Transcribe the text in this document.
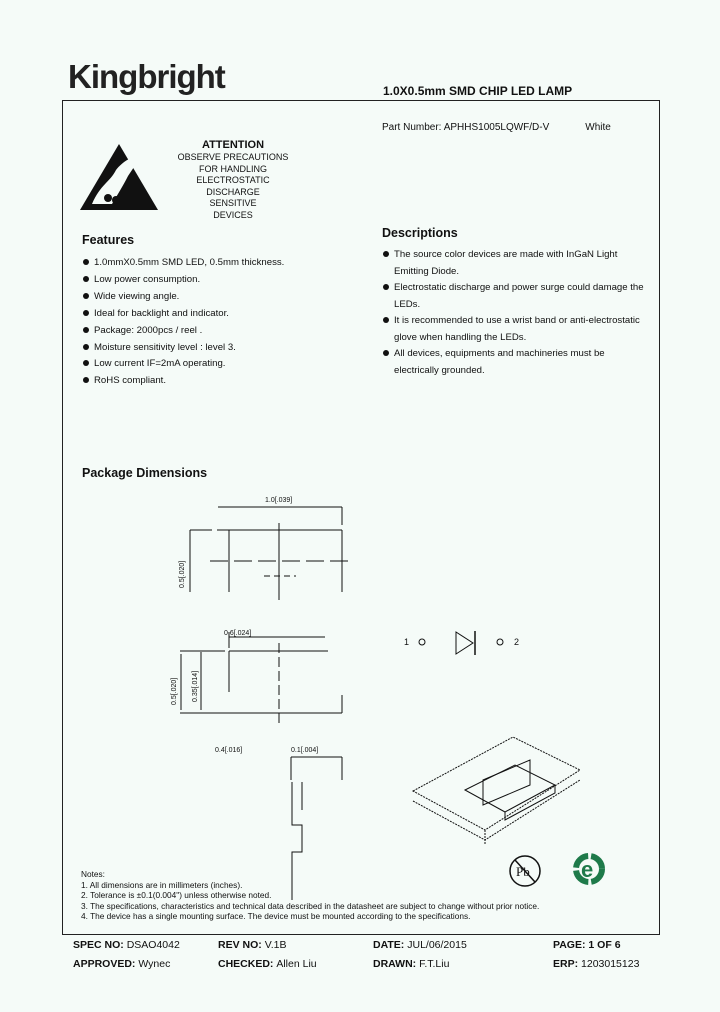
Kingbright	1.0X0.5mm SMD CHIP LED LAMP
Part Number: APHHS1005LQWF/D-V	White
ATTENTION
OBSERVE PRECAUTIONS
FOR HANDLING
ELECTROSTATIC
DISCHARGE
SENSITIVE
DEVICES
Features
1.0mmX0.5mm SMD LED, 0.5mm thickness.
Low power consumption.
Wide viewing angle.
Ideal for backlight and indicator.
Package: 2000pcs / reel .
Moisture sensitivity level : level 3.
Low current IF=2mA operating.
RoHS compliant.
Descriptions
The source color devices are made with InGaN Light Emitting Diode.
Electrostatic discharge and power surge could damage the LEDs.
It is recommended to use a wrist band or anti-electrostatic glove when handling the LEDs.
All devices, equipments and machineries must be electrically grounded.
Package Dimensions
1.0[.039]
0.5[.020]
0.6[.024]
0.5[.020] 0.35[.014]
0.4[.016]	0.1[.004]
1	2
Pb e
Notes:
1. All dimensions are in millimeters (inches).
2. Tolerance is ±0.1(0.004") unless otherwise noted.
3. The specifications, characteristics and technical data described in the datasheet are subject to change without prior notice.
4. The device has a single mounting surface. The device must be mounted according to the specifications.
SPEC NO: DSAO4042	REV NO: V.1B	DATE: JUL/06/2015	PAGE: 1 OF 6
APPROVED: Wynec	CHECKED: Allen Liu	DRAWN: F.T.Liu	ERP: 1203015123
